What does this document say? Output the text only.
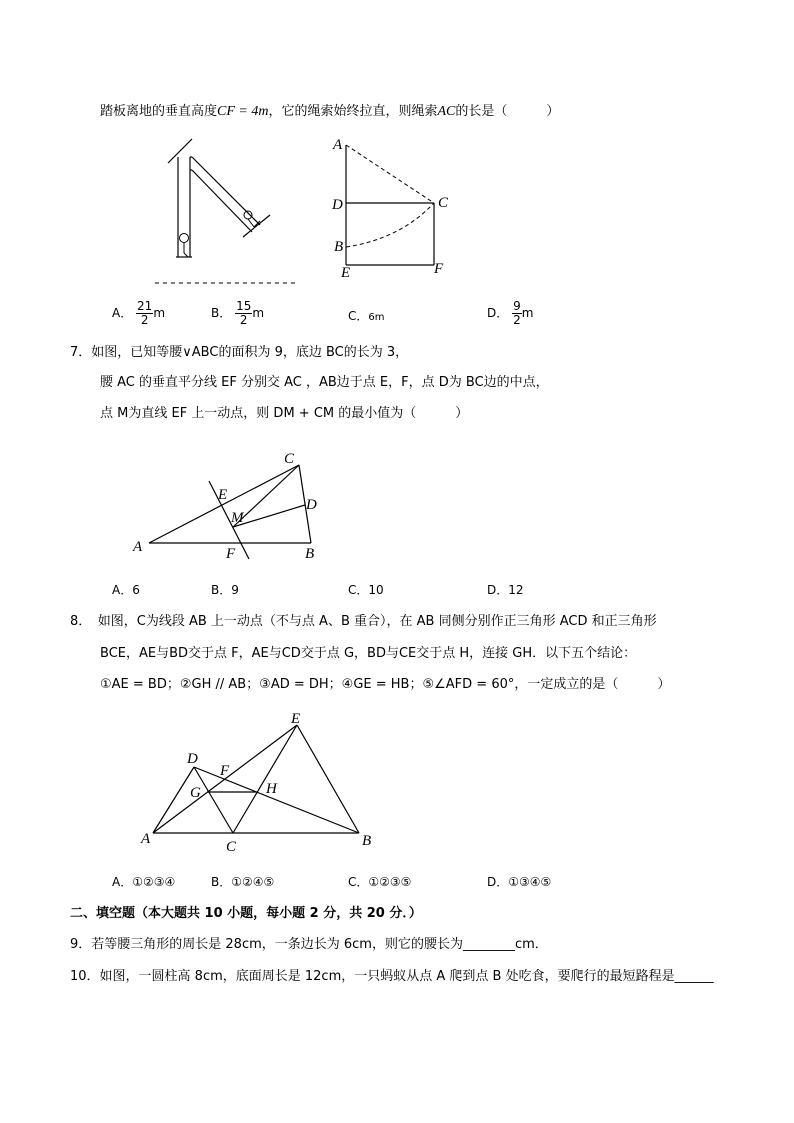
踏板离地的垂直高度CF = 4m，它的绳索始终拉直，则绳索AC的长是（　　　）
A
D
B
E
C
F
A． $\frac{21}{2}$ m	B． $\frac{15}{2}$ m	C．6m	D． $\frac{9}{2}$ m
7．如图，已知等腰∨ABC的面积为 9，底边 BC的长为 3，
腰 AC 的垂直平分线 EF 分别交 AC ，AB边于点 E，F，点 D为 BC边的中点，
点 M为直线 EF 上一动点，则 DM + CM 的最小值为（　　　）
C
E
D
M
A	F	B
A．6	B．9	C．10	D．12
8．　如图，C为线段 AB 上一动点（不与点 A、B 重合），在 AB 同侧分别作正三角形 ACD 和正三角形
BCE，AE与BD交于点 F，AE与CD交于点 G，BD与CE交于点 H，连接 GH．以下五个结论：
①AE = BD；②GH // AB；③AD = DH；④GE = HB；⑤∠AFD = 60°，一定成立的是（　　　）
E
D
F
G	H
A	C	B
A．①②③④	B．①②④⑤	C．①②③⑤	D．①③④⑤
二、填空题（本大题共 10 小题，每小题 2 分，共 20 分．）
9．若等腰三角形的周长是 28cm，一条边长为 6cm，则它的腰长为________cm．
10．如图，一圆柱高 8cm，底面周长是 12cm，一只蚂蚁从点 A 爬到点 B 处吃食，要爬行的最短路程是______
